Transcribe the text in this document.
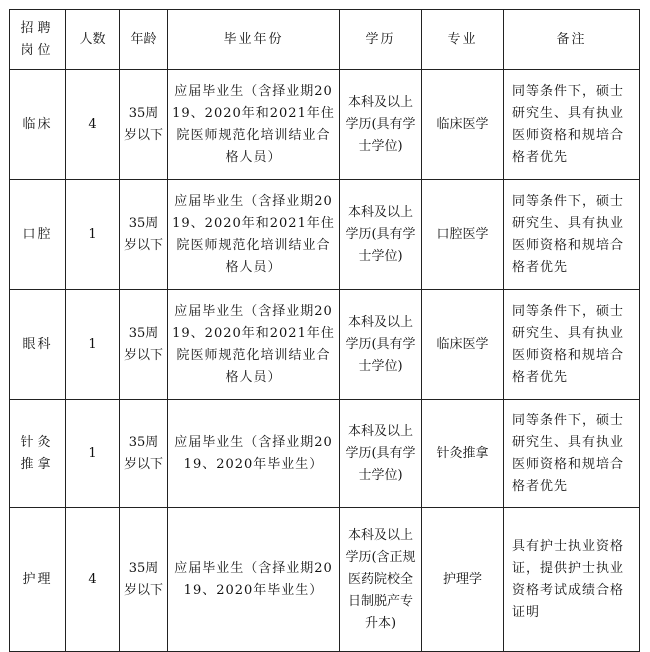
招聘岗位	人数	年龄	毕业年份	学历	专业	备注
临床	4	35周岁以下	应届毕业生（含择业期2019、2020年和2021年住院医师规范化培训结业合格人员）	本科及以上学历(具有学士学位)	临床医学	同等条件下，硕士研究生、具有执业医师资格和规培合格者优先
口腔	1	35周岁以下	应届毕业生（含择业期2019、2020年和2021年住院医师规范化培训结业合格人员）	本科及以上学历(具有学士学位)	口腔医学	同等条件下，硕士研究生、具有执业医师资格和规培合格者优先
眼科	1	35周岁以下	应届毕业生（含择业期2019、2020年和2021年住院医师规范化培训结业合格人员）	本科及以上学历(具有学士学位)	临床医学	同等条件下，硕士研究生、具有执业医师资格和规培合格者优先
针灸推拿	1	35周岁以下	应届毕业生（含择业期2019、2020年毕业生）	本科及以上学历(具有学士学位)	针灸推拿	同等条件下，硕士研究生、具有执业医师资格和规培合格者优先
护理	4	35周岁以下	应届毕业生（含择业期2019、2020年毕业生）	本科及以上学历(含正规医药院校全日制脱产专升本)	护理学	具有护士执业资格证，提供护士执业资格考试成绩合格证明
